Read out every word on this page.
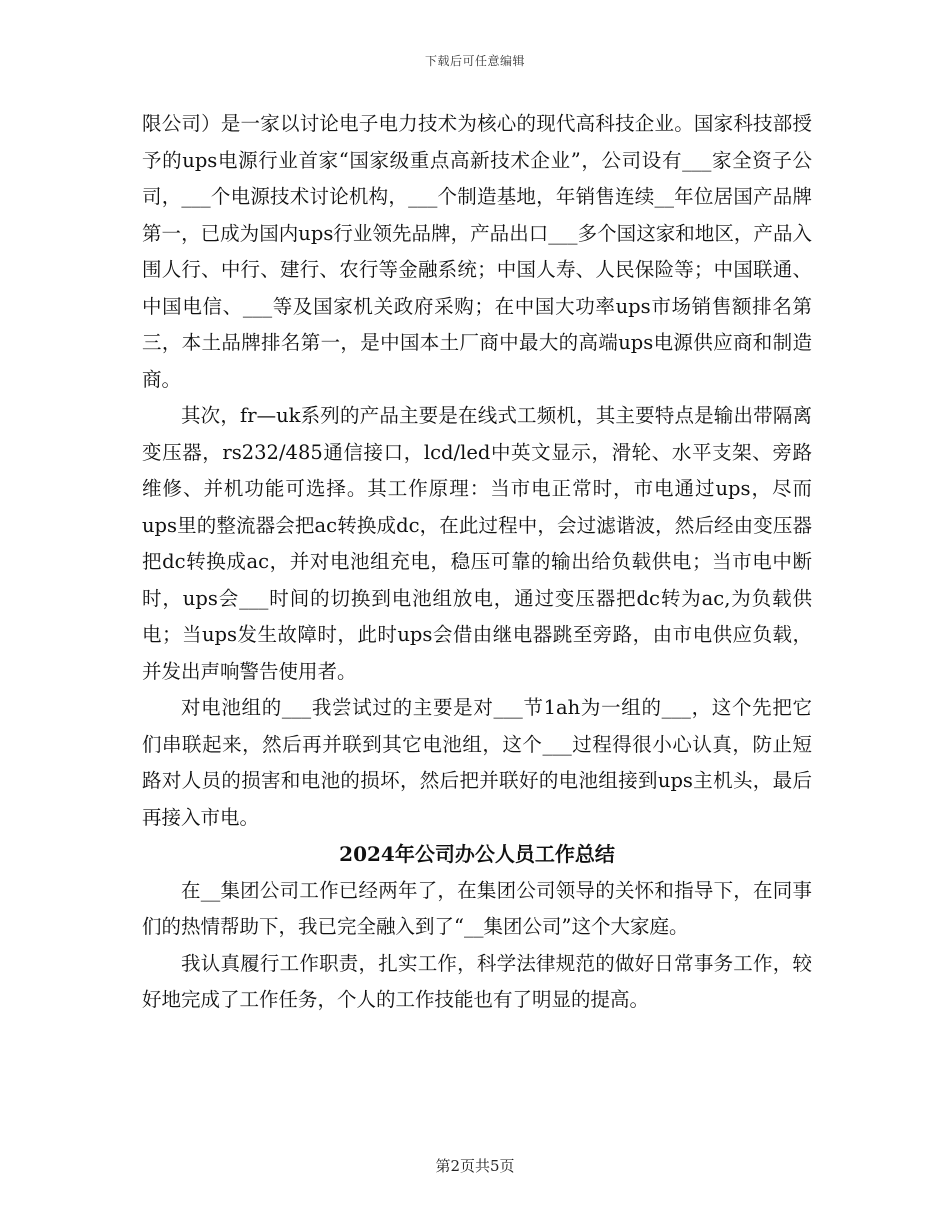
下载后可任意编辑

限公司）是一家以讨论电子电力技术为核心的现代高科技企业。国家科技部授予的ups电源行业首家“国家级重点高新技术企业”，公司设有___家全资子公司，___个电源技术讨论机构，___个制造基地，年销售连续__年位居国产品牌第一，已成为国内ups行业领先品牌，产品出口___多个国这家和地区，产品入围人行、中行、建行、农行等金融系统；中国人寿、人民保险等；中国联通、中国电信、___等及国家机关政府采购；在中国大功率ups市场销售额排名第三，本土品牌排名第一，是中国本土厂商中最大的高端ups电源供应商和制造商。

其次，fr—uk系列的产品主要是在线式工频机，其主要特点是输出带隔离变压器，rs232/485通信接口，lcd/led中英文显示，滑轮、水平支架、旁路维修、并机功能可选择。其工作原理：当市电正常时，市电通过ups，尽而ups里的整流器会把ac转换成dc，在此过程中，会过滤谐波，然后经由变压器把dc转换成ac，并对电池组充电，稳压可靠的输出给负载供电；当市电中断时，ups会___时间的切换到电池组放电，通过变压器把dc转为ac,为负载供电；当ups发生故障时，此时ups会借由继电器跳至旁路，由市电供应负载，并发出声响警告使用者。

对电池组的___我尝试过的主要是对___节1ah为一组的___，这个先把它们串联起来，然后再并联到其它电池组，这个___过程得很小心认真，防止短路对人员的损害和电池的损坏，然后把并联好的电池组接到ups主机头，最后再接入市电。

2024年公司办公人员工作总结

在__集团公司工作已经两年了，在集团公司领导的关怀和指导下，在同事们的热情帮助下，我已完全融入到了“__集团公司”这个大家庭。

我认真履行工作职责，扎实工作，科学法律规范的做好日常事务工作，较好地完成了工作任务，个人的工作技能也有了明显的提高。

第2页共5页
